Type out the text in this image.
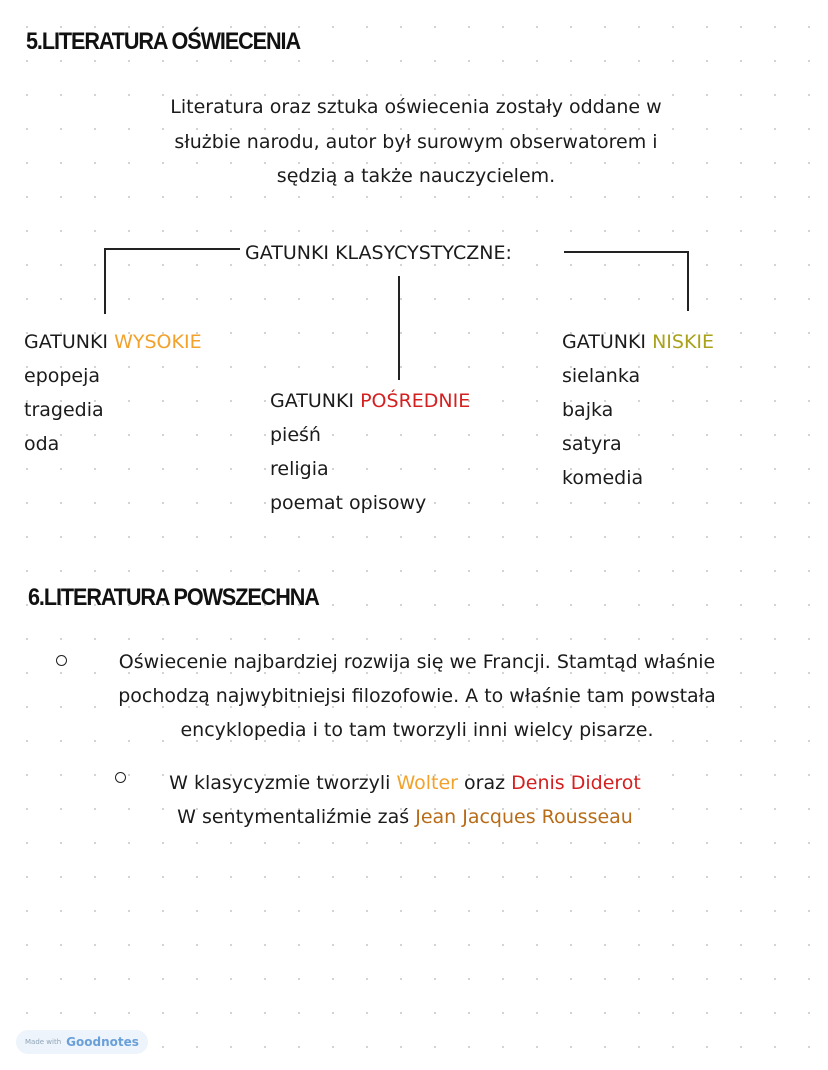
5.LITERATURA OŚWIECENIA

Literatura oraz sztuka oświecenia zostały oddane w

służbie narodu, autor był surowym obserwatorem i

sędzią a także nauczycielem.

GATUNKI KLASYCYSTYCZNE:
GATUNKI WYSOKIE
epopeja
tragedia
oda
GATUNKI POŚREDNIE
pieśń
religia
poemat opisowy
GATUNKI NISKIE
sielanka
bajka
satyra
komedia
6.LITERATURA POWSZECHNA
Oświecenie najbardziej rozwija się we Francji. Stamtąd właśnie
pochodzą najwybitniejsi filozofowie. A to właśnie tam powstała
encyklopedia i to tam tworzyli inni wielcy pisarze.
W klasycyzmie tworzyli Wolter oraz Denis Diderot
W sentymentaliźmie zaś Jean Jacques Rousseau
Made with Goodnotes
